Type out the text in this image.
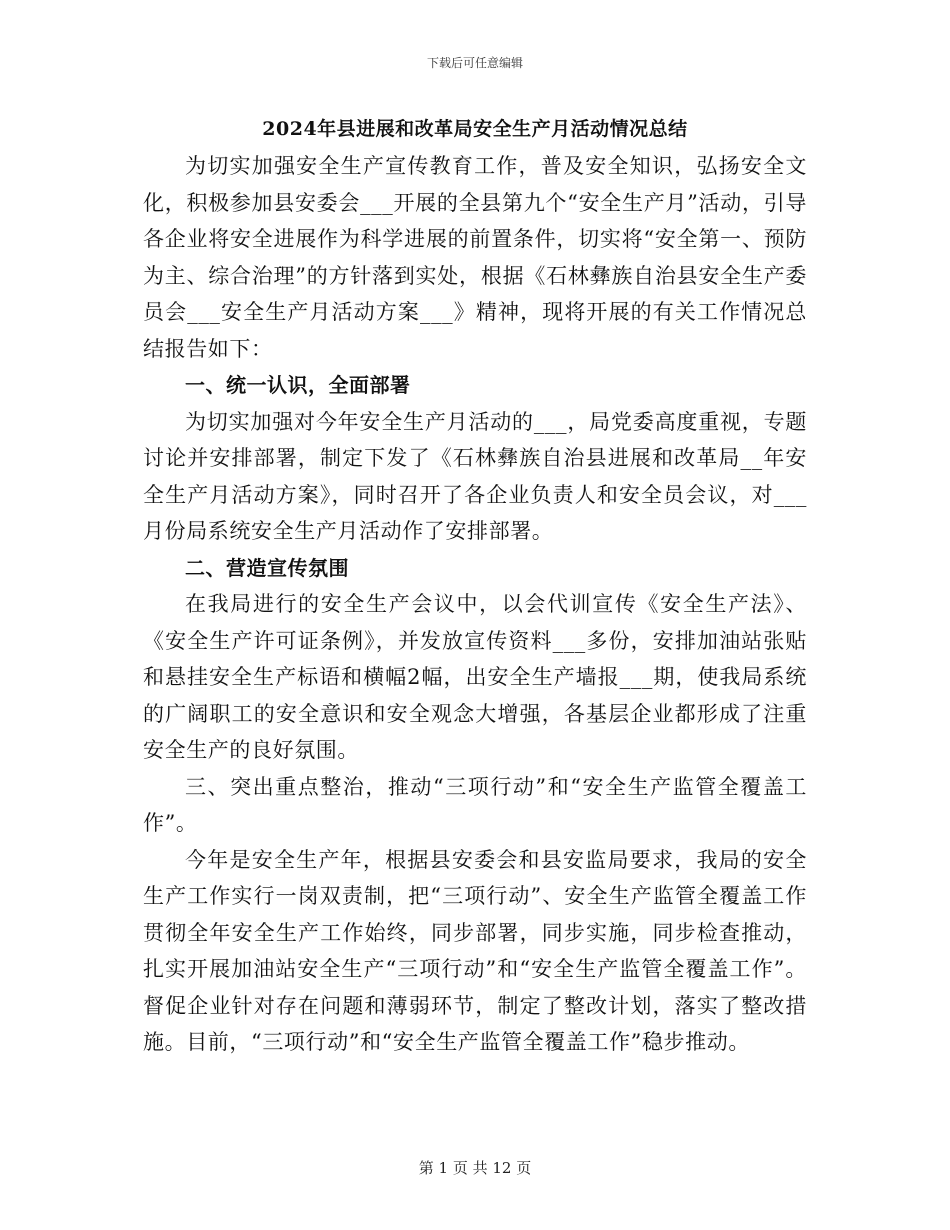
下载后可任意编辑
2024年县进展和改革局安全生产月活动情况总结

为切实加强安全生产宣传教育工作，普及安全知识，弘扬安全文化，积极参加县安委会___开展的全县第九个“安全生产月”活动，引导各企业将安全进展作为科学进展的前置条件，切实将“安全第一、预防为主、综合治理”的方针落到实处，根据《石林彝族自治县安全生产委员会___安全生产月活动方案___》精神，现将开展的有关工作情况总结报告如下：

一、统一认识，全面部署

为切实加强对今年安全生产月活动的___，局党委高度重视，专题讨论并安排部署，制定下发了《石林彝族自治县进展和改革局__年安全生产月活动方案》，同时召开了各企业负责人和安全员会议，对___月份局系统安全生产月活动作了安排部署。

二、营造宣传氛围

在我局进行的安全生产会议中，以会代训宣传《安全生产法》、《安全生产许可证条例》，并发放宣传资料___多份，安排加油站张贴和悬挂安全生产标语和横幅2幅，出安全生产墙报___期，使我局系统的广阔职工的安全意识和安全观念大增强，各基层企业都形成了注重安全生产的良好氛围。

三、突出重点整治，推动“三项行动”和“安全生产监管全覆盖工作”。

今年是安全生产年，根据县安委会和县安监局要求，我局的安全生产工作实行一岗双责制，把“三项行动”、安全生产监管全覆盖工作贯彻全年安全生产工作始终，同步部署，同步实施，同步检查推动，扎实开展加油站安全生产“三项行动”和“安全生产监管全覆盖工作”。督促企业针对存在问题和薄弱环节，制定了整改计划，落实了整改措施。目前，“三项行动”和“安全生产监管全覆盖工作”稳步推动。

第 1 页 共 12 页
